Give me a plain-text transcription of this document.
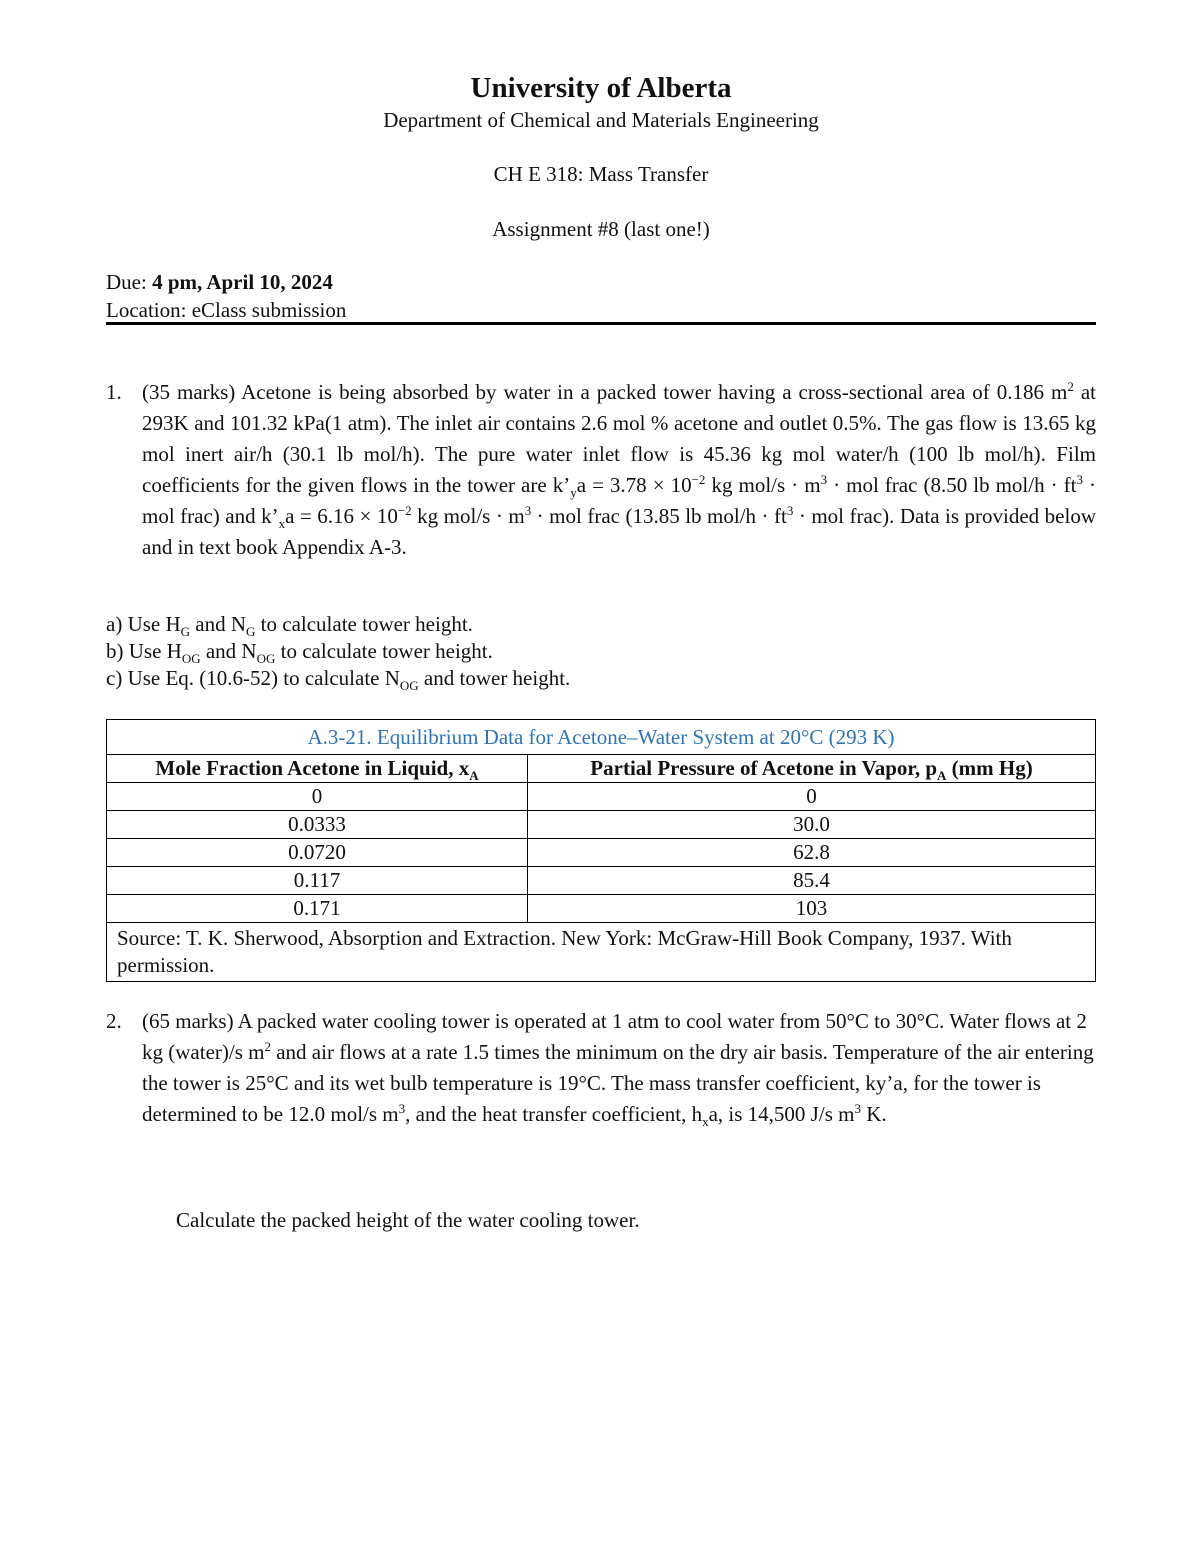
University of Alberta
Department of Chemical and Materials Engineering
CH E 318: Mass Transfer
Assignment #8 (last one!)
Due: 4 pm, April 10, 2024
Location: eClass submission
1. (35 marks) Acetone is being absorbed by water in a packed tower having a cross-sectional area of 0.186 $m^2$ at 293K and 101.32 kPa(1 atm). The inlet air contains 2.6 mol % acetone and outlet 0.5%. The gas flow is 13.65 kg mol inert air/h (30.1 lb mol/h). The pure water inlet flow is 45.36 kg mol water/h (100 lb mol/h). Film coefficients for the given flows in the tower are $k’_ya = 3.78 \times 10^{-2}$ kg $mol/s \cdot m^3$ · mol frac (8.50 lb $mol/h \cdot ft^3$ · mol frac) and $k’_xa = 6.16 \times 10^{-2}$ kg $mol/s \cdot m^3$ · mol frac (13.85 lb $mol/h \cdot ft^3$ · mol frac). Data is provided below and in text book Appendix A-3.
a) Use $H_G$ and $N_G$ to calculate tower height.
b) Use $H_{OG}$ and $N_{OG}$ to calculate tower height.
c) Use Eq. (10.6-52) to calculate $N_{OG}$ and tower height.
A.3-21. Equilibrium Data for Acetone–Water System at 20°C (293 K)	
Mole Fraction Acetone in Liquid, $x_A$	Partial Pressure of Acetone in Vapor, $p_A$ (mm Hg)
0	0
0.0333	30.0
0.0720	62.8
0.117	85.4
0.171	103
Source: T. K. Sherwood, Absorption and Extraction. New York: McGraw-Hill Book Company, 1937. With permission.	
2. (65 marks) A packed water cooling tower is operated at 1 atm to cool water from 50°C to 30°C. Water flows at 2 kg (water)/s $m^2$ and air flows at a rate 1.5 times the minimum on the dry air basis. Temperature of the air entering the tower is 25°C and its wet bulb temperature is 19°C. The mass transfer coefficient, ky’a, for the tower is determined to be 12.0 mol/s $m^3$, and the heat transfer coefficient, $h_xa$, is 14,500 J/s $m^3$ K.
Calculate the packed height of the water cooling tower.
